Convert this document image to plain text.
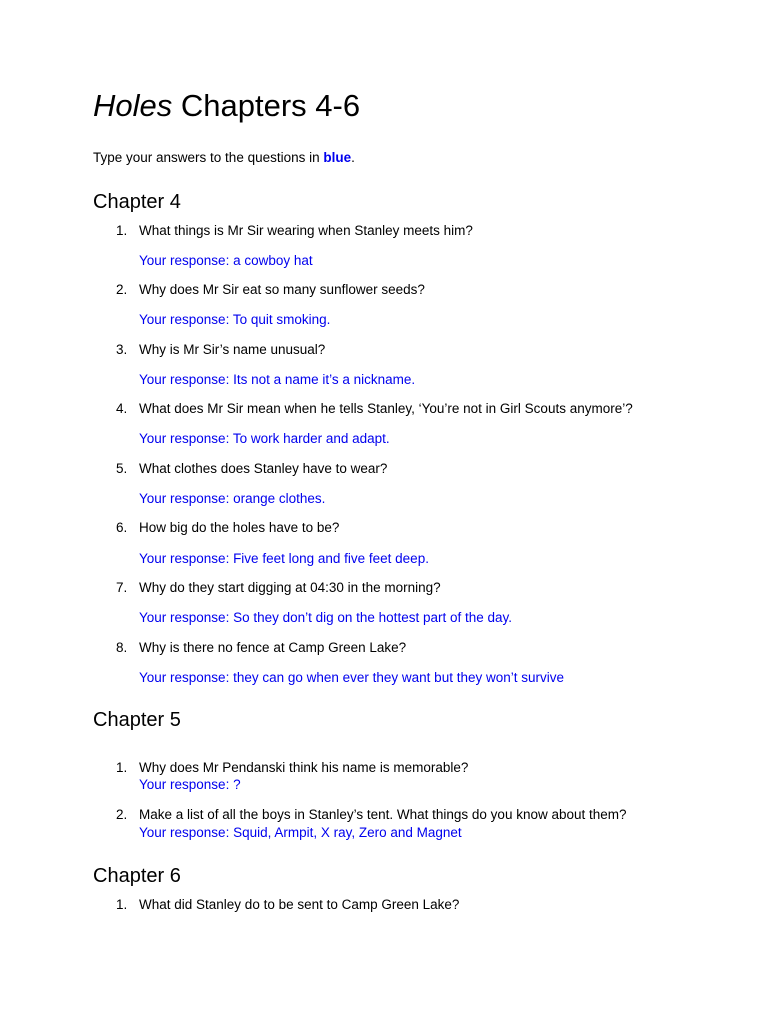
Holes Chapters 4-6
Type your answers to the questions in blue.
Chapter 4
1. What things is Mr Sir wearing when Stanley meets him?
Your response: a cowboy hat
2. Why does Mr Sir eat so many sunflower seeds?
Your response: To quit smoking.
3. Why is Mr Sir’s name unusual?
Your response: Its not a name it’s a nickname.
4. What does Mr Sir mean when he tells Stanley, ‘You’re not in Girl Scouts anymore’?
Your response: To work harder and adapt.
5. What clothes does Stanley have to wear?
Your response: orange clothes.
6. How big do the holes have to be?
Your response: Five feet long and five feet deep.
7. Why do they start digging at 04:30 in the morning?
Your response: So they don’t dig on the hottest part of the day.
8. Why is there no fence at Camp Green Lake?
Your response: they can go when ever they want but they won’t survive
Chapter 5
1. Why does Mr Pendanski think his name is memorable?
Your response: ?
2. Make a list of all the boys in Stanley’s tent. What things do you know about them?
Your response: Squid, Armpit, X ray, Zero and Magnet
Chapter 6
1. What did Stanley do to be sent to Camp Green Lake?
